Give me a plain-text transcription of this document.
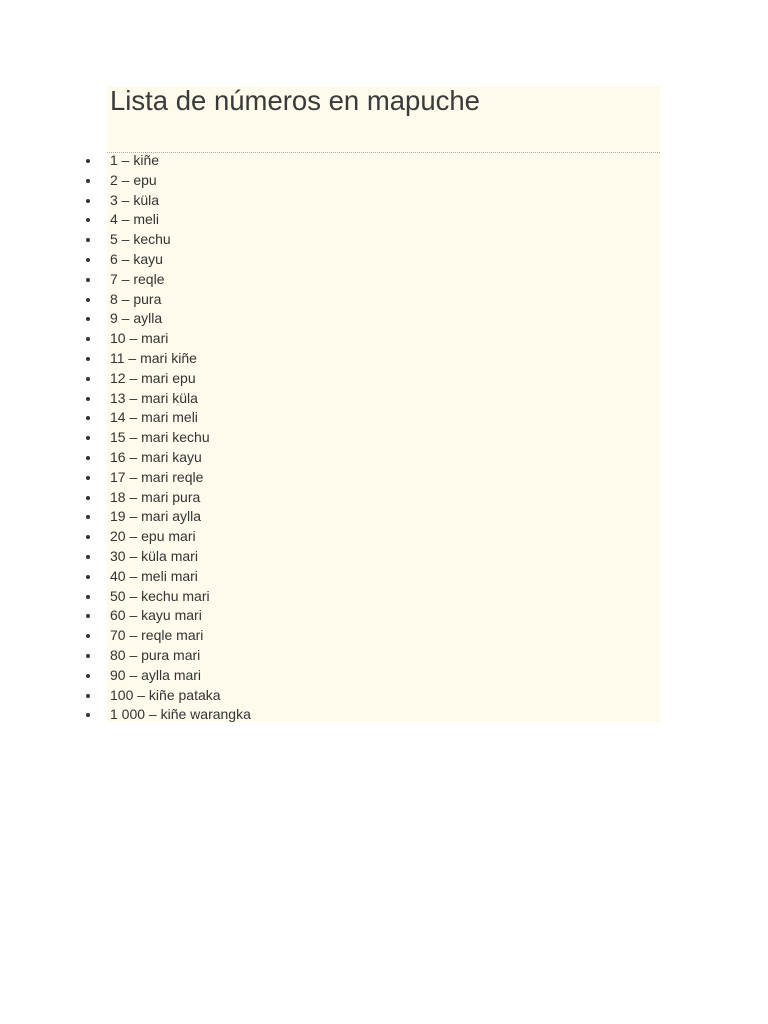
Lista de números en mapuche
1 – kiñe
2 – epu
3 – küla
4 – meli
5 – kechu
6 – kayu
7 – reqle
8 – pura
9 – aylla
10 – mari
11 – mari kiñe
12 – mari epu
13 – mari küla
14 – mari meli
15 – mari kechu
16 – mari kayu
17 – mari reqle
18 – mari pura
19 – mari aylla
20 – epu mari
30 – küla mari
40 – meli mari
50 – kechu mari
60 – kayu mari
70 – reqle mari
80 – pura mari
90 – aylla mari
100 – kiñe pataka
1 000 – kiñe warangka
